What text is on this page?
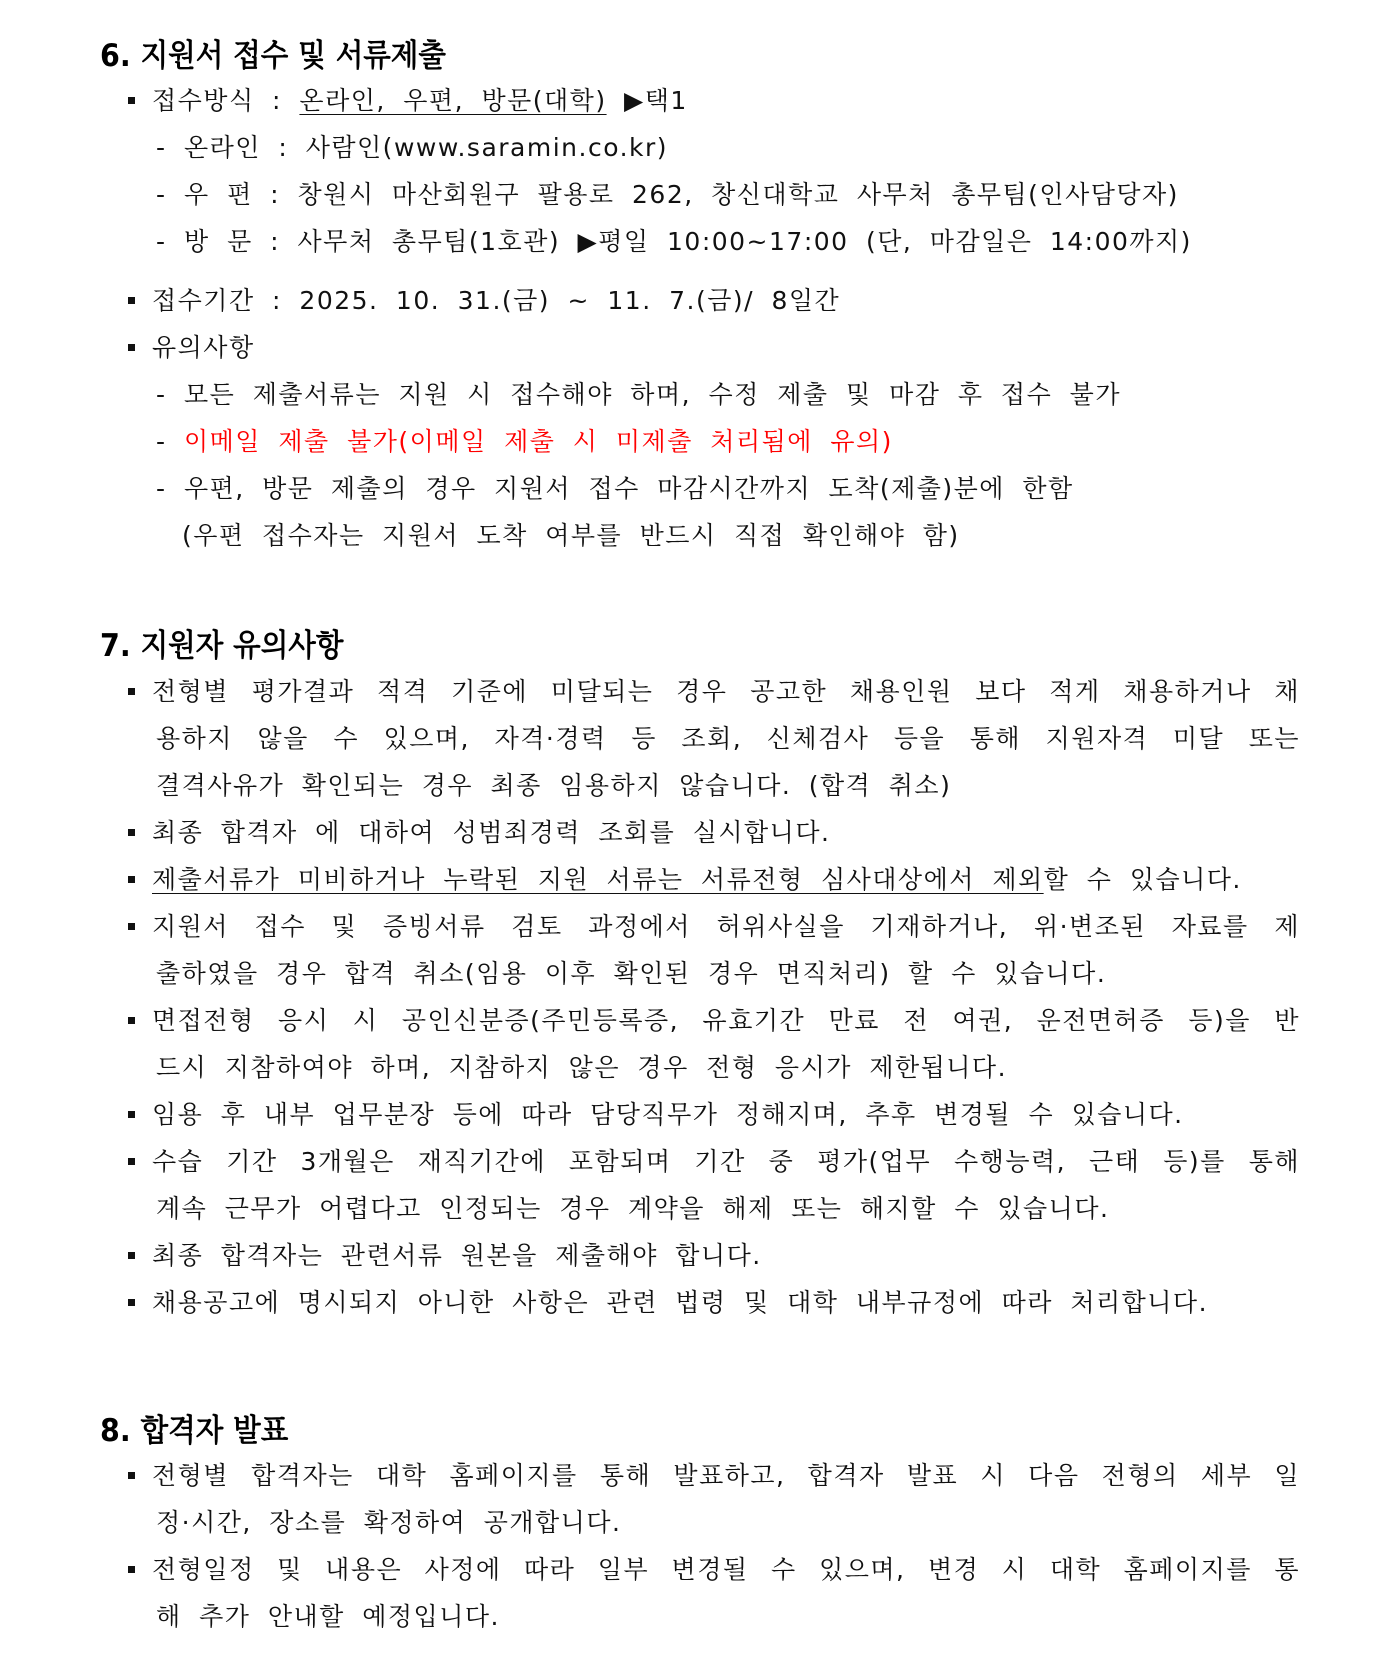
6. 지원서 접수 및 서류제출
접수방식 : 온라인, 우편, 방문(대학) ▶택1
- 온라인 : 사람인(www.saramin.co.kr)
- 우 편 : 창원시 마산회원구 팔용로 262, 창신대학교 사무처 총무팀(인사담당자)
- 방 문 : 사무처 총무팀(1호관) ▶평일 10:00~17:00 (단, 마감일은 14:00까지)
접수기간 : 2025. 10. 31.(금) ~ 11. 7.(금)/ 8일간
유의사항
- 모든 제출서류는 지원 시 접수해야 하며, 수정 제출 및 마감 후 접수 불가
- 이메일 제출 불가(이메일 제출 시 미제출 처리됨에 유의)
- 우편, 방문 제출의 경우 지원서 접수 마감시간까지 도착(제출)분에 한함
(우편 접수자는 지원서 도착 여부를 반드시 직접 확인해야 함)
7. 지원자 유의사항
전형별 평가결과 적격 기준에 미달되는 경우 공고한 채용인원 보다 적게 채용하거나 채
용하지 않을 수 있으며, 자격·경력 등 조회, 신체검사 등을 통해 지원자격 미달 또는
결격사유가 확인되는 경우 최종 임용하지 않습니다. (합격 취소)
최종 합격자 에 대하여 성범죄경력 조회를 실시합니다.
제출서류가 미비하거나 누락된 지원 서류는 서류전형 심사대상에서 제외할 수 있습니다.
지원서 접수 및 증빙서류 검토 과정에서 허위사실을 기재하거나, 위·변조된 자료를 제
출하였을 경우 합격 취소(임용 이후 확인된 경우 면직처리) 할 수 있습니다.
면접전형 응시 시 공인신분증(주민등록증, 유효기간 만료 전 여권, 운전면허증 등)을 반
드시 지참하여야 하며, 지참하지 않은 경우 전형 응시가 제한됩니다.
임용 후 내부 업무분장 등에 따라 담당직무가 정해지며, 추후 변경될 수 있습니다.
수습 기간 3개월은 재직기간에 포함되며 기간 중 평가(업무 수행능력, 근태 등)를 통해
계속 근무가 어렵다고 인정되는 경우 계약을 해제 또는 해지할 수 있습니다.
최종 합격자는 관련서류 원본을 제출해야 합니다.
채용공고에 명시되지 아니한 사항은 관련 법령 및 대학 내부규정에 따라 처리합니다.
8. 합격자 발표
전형별 합격자는 대학 홈페이지를 통해 발표하고, 합격자 발표 시 다음 전형의 세부 일
정·시간, 장소를 확정하여 공개합니다.
전형일정 및 내용은 사정에 따라 일부 변경될 수 있으며, 변경 시 대학 홈페이지를 통
해 추가 안내할 예정입니다.
